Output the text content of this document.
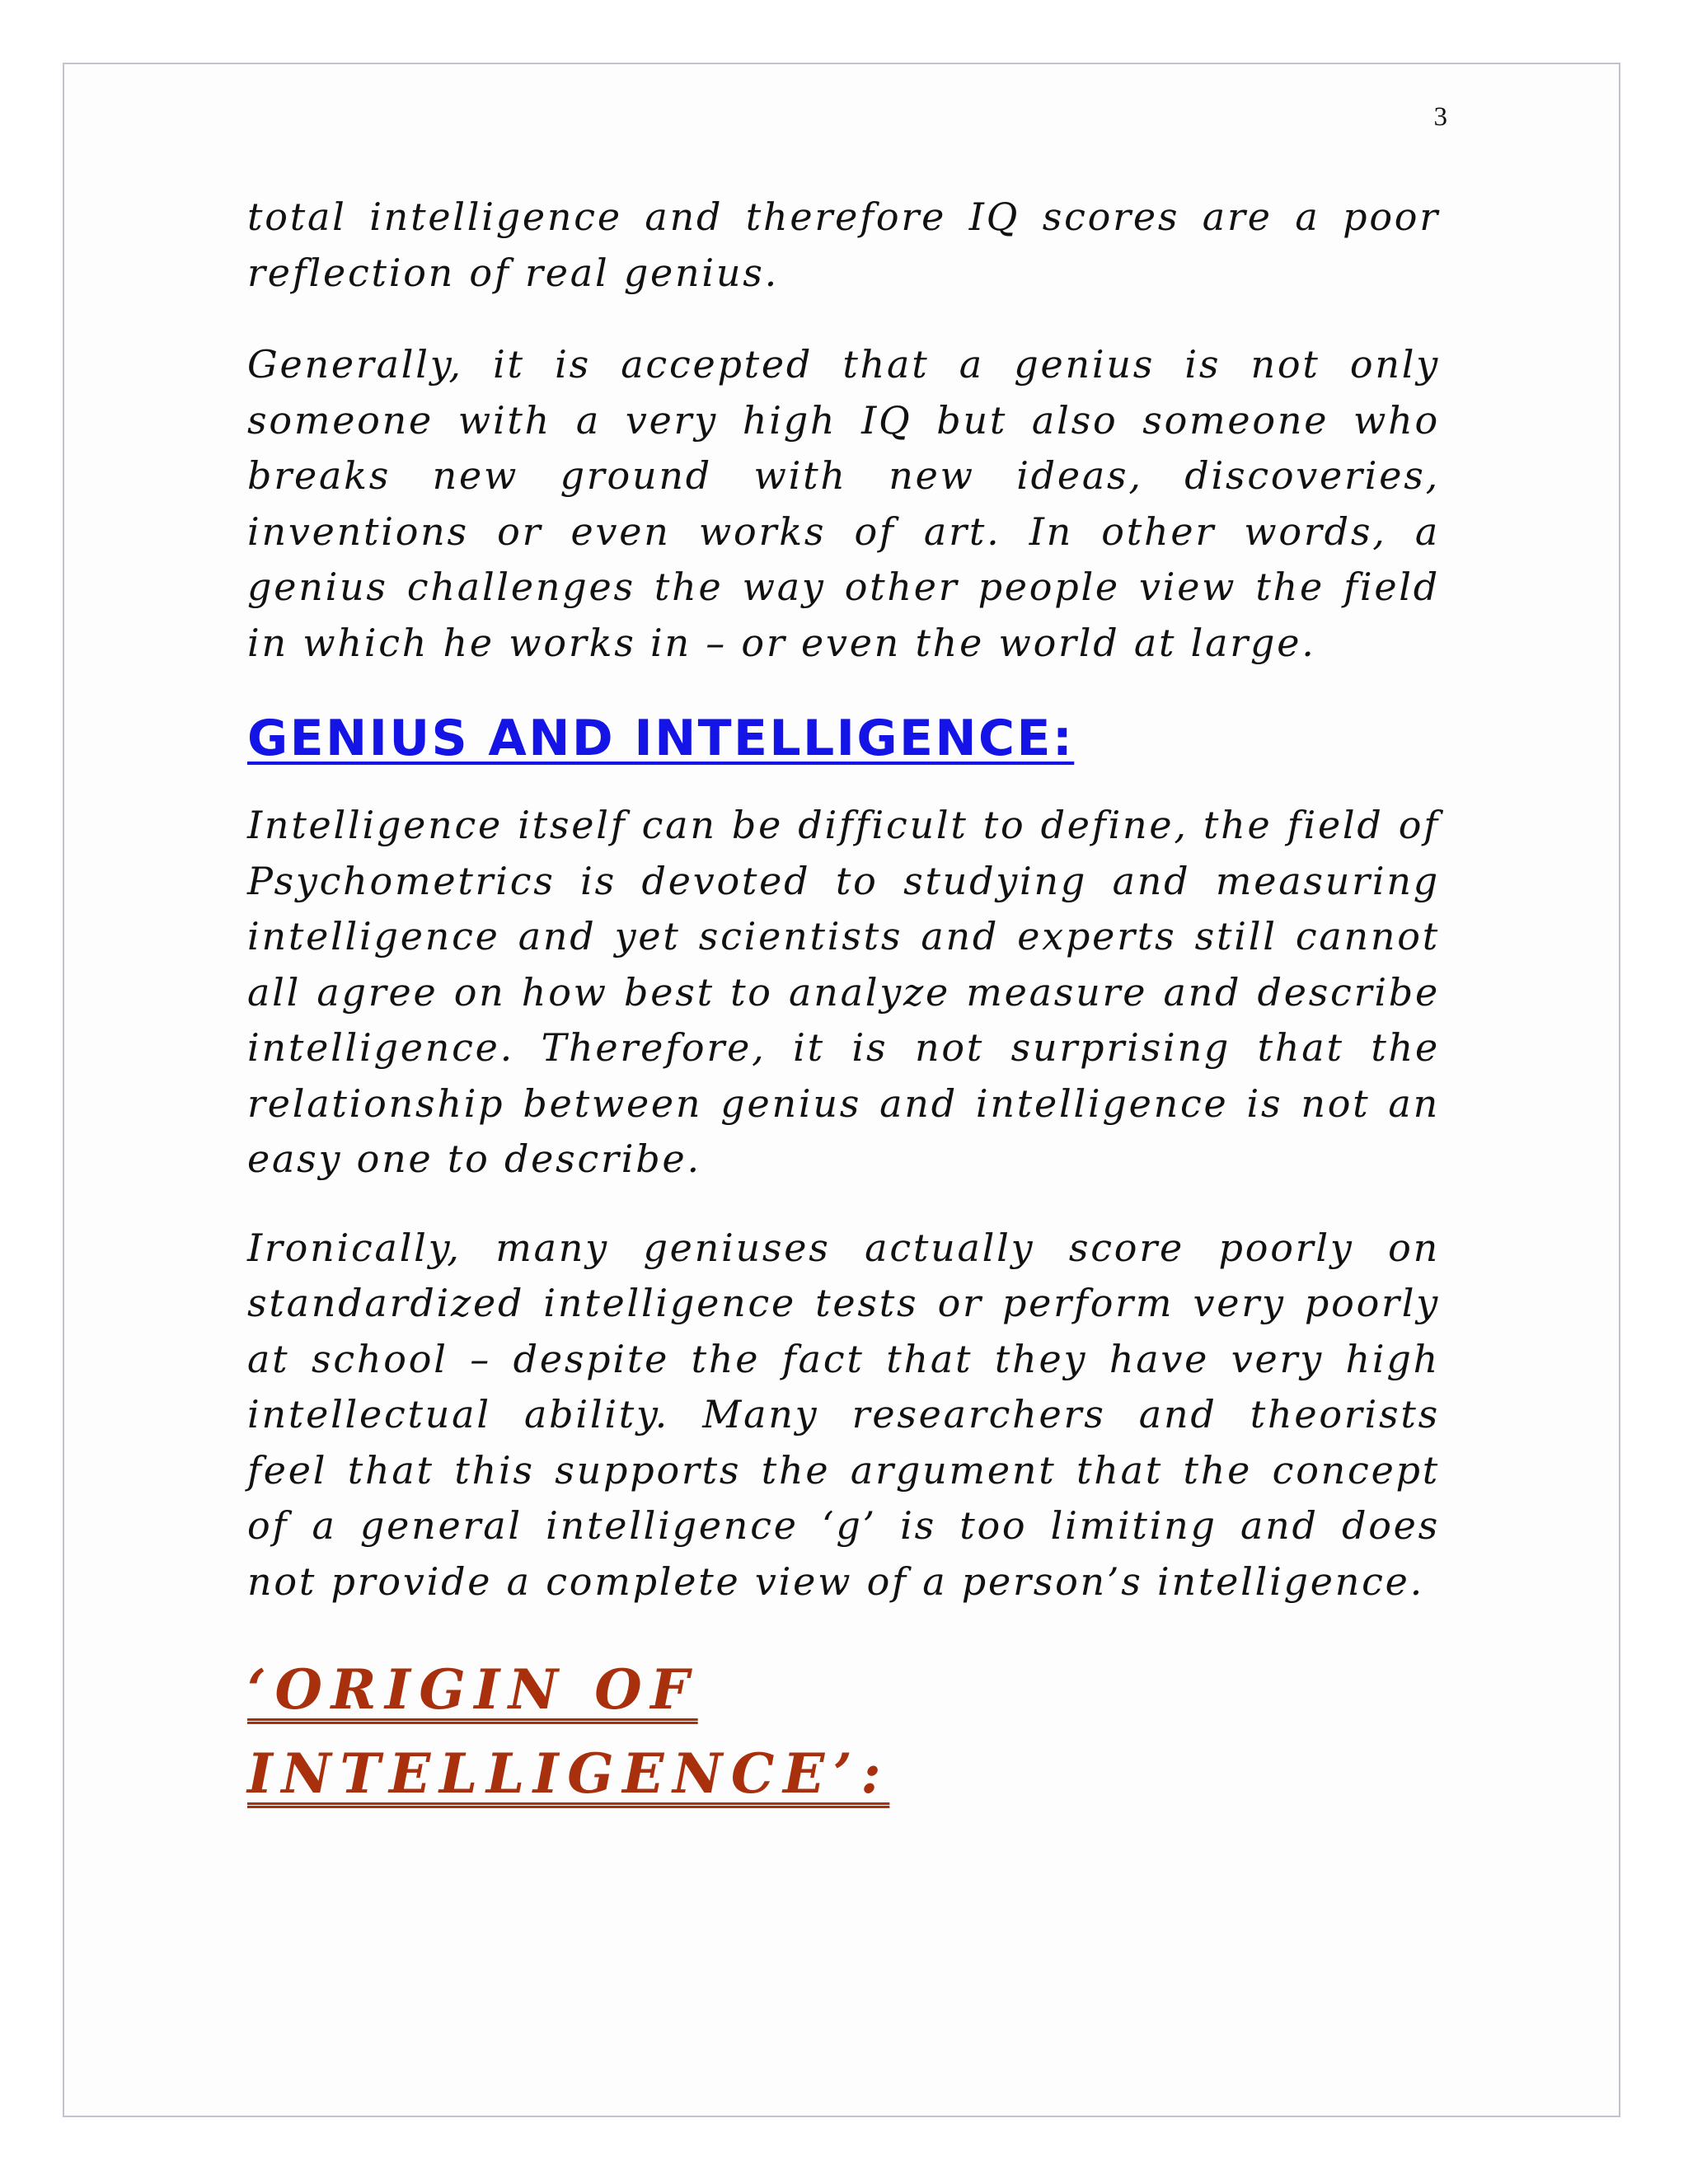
3

total intelligence and therefore IQ scores are a poor reflection of real genius.

Generally, it is accepted that a genius is not only someone with a very high IQ but also someone who breaks new ground with new ideas, discoveries, inventions or even works of art. In other words, a genius challenges the way other people view the field in which he works in – or even the world at large.

GENIUS AND INTELLIGENCE:

Intelligence itself can be difficult to define, the field of Psychometrics is devoted to studying and measuring intelligence and yet scientists and experts still cannot all agree on how best to analyze measure and describe intelligence. Therefore, it is not surprising that the relationship between genius and intelligence is not an easy one to describe.

Ironically, many geniuses actually score poorly on standardized intelligence tests or perform very poorly at school – despite the fact that they have very high intellectual ability. Many researchers and theorists feel that this supports the argument that the concept of a general intelligence ‘g’ is too limiting and does not provide a complete view of a person’s intelligence.

‘ORIGIN OF INTELLIGENCE’:
